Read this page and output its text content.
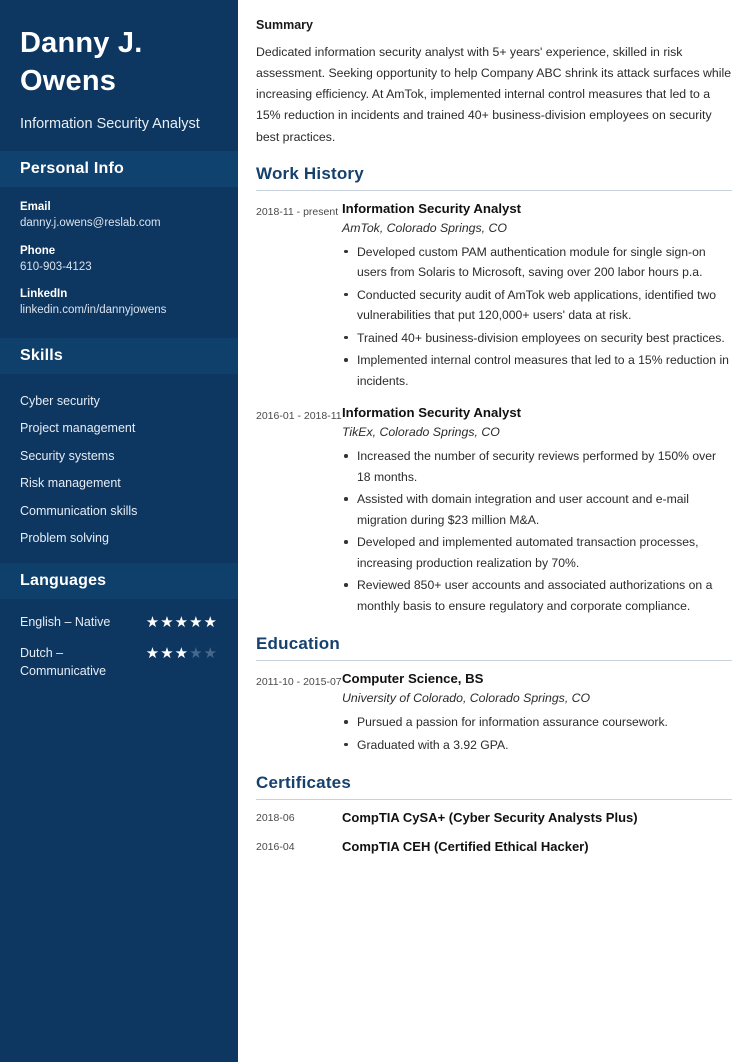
Danny J. Owens
Information Security Analyst
Personal Info
Email
danny.j.owens@reslab.com
Phone
610-903-4123
LinkedIn
linkedin.com/in/dannyjowens
Skills
Cyber security
Project management
Security systems
Risk management
Communication skills
Problem solving
Languages
English – Native ★★★★★
Dutch – Communicative
★★★★★
Summary
Dedicated information security analyst with 5+ years' experience, skilled in risk assessment. Seeking opportunity to help Company ABC shrink its attack surfaces while increasing efficiency. At AmTok, implemented internal control measures that led to a 15% reduction in incidents and trained 40+ business-division employees on security best practices.
Work History
2018-11 - present Information Security Analyst
AmTok, Colorado Springs, CO
Developed custom PAM authentication module for single sign-on users from Solaris to Microsoft, saving over 200 labor hours p.a.
Conducted security audit of AmTok web applications, identified two vulnerabilities that put 120,000+ users' data at risk.
Trained 40+ business-division employees on security best practices.
Implemented internal control measures that led to a 15% reduction in incidents.
2016-01 - 2018-11 Information Security Analyst
TikEx, Colorado Springs, CO
Increased the number of security reviews performed by 150% over 18 months.
Assisted with domain integration and user account and e-mail migration during $23 million M&A.
Developed and implemented automated transaction processes, increasing production realization by 70%.
Reviewed 850+ user accounts and associated authorizations on a monthly basis to ensure regulatory and corporate compliance.
Education
2011-10 - 2015-07 Computer Science, BS
University of Colorado, Colorado Springs, CO
Pursued a passion for information assurance coursework.
Graduated with a 3.92 GPA.
Certificates
2018-06	CompTIA CySA+ (Cyber Security Analysts Plus)
2016-04	CompTIA CEH (Certified Ethical Hacker)
